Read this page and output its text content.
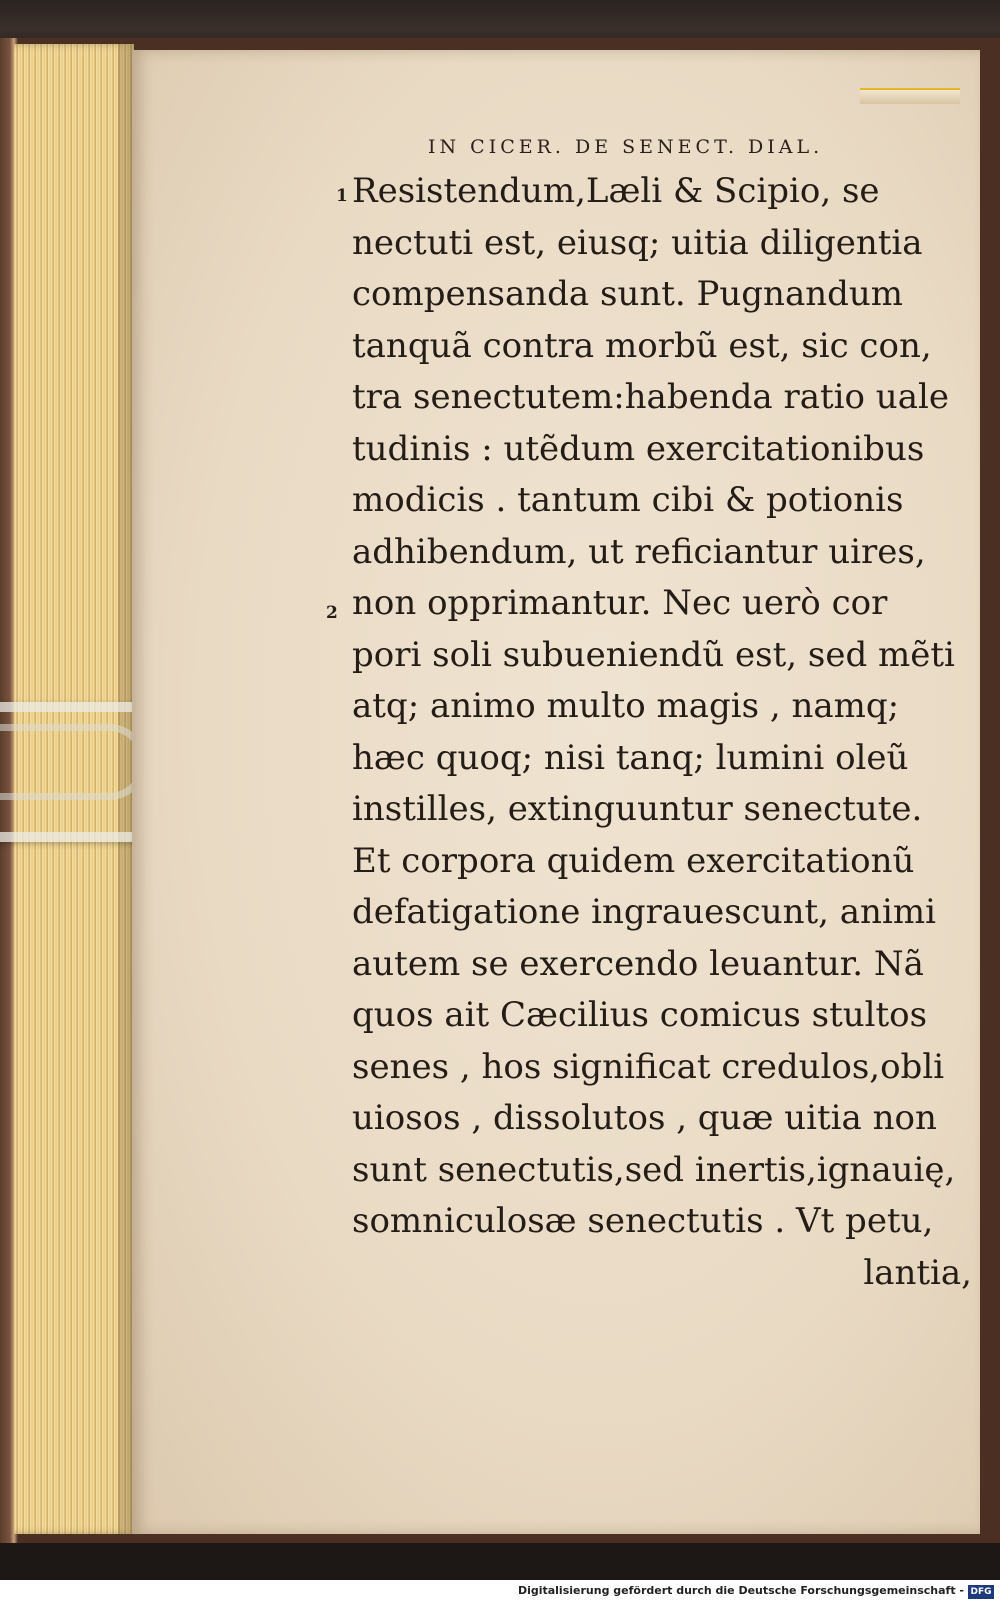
IN CICER. DE SENECT. DIAL.
1
2
Resistendum,Læli & Scipio, se
nectuti est, eiusq; uitia diligentia
compensanda sunt. Pugnandum
tanquã contra morbũ est, sic con,
tra senectutem:habenda ratio uale
tudinis : utẽdum exercitationibus
modicis . tantum cibi & potionis
adhibendum, ut reficiantur uires,
non opprimantur. Nec uerò cor
pori soli subueniendũ est, sed mẽti
atq; animo multo magis , namq;
hæc quoq; nisi tanq; lumini oleũ
instilles, extinguuntur senectute.
Et corpora quidem exercitationũ
defatigatione ingrauescunt, animi
autem se exercendo leuantur. Nã
quos ait Cæcilius comicus stultos
senes , hos significat credulos,obli
uiosos , dissolutos , quæ uitia non
sunt senectutis,sed inertis,ignauię,
somniculosæ senectutis . Vt petu,
lantia,
Digitalisierung gefördert durch die Deutsche Forschungsgemeinschaft - DFG
